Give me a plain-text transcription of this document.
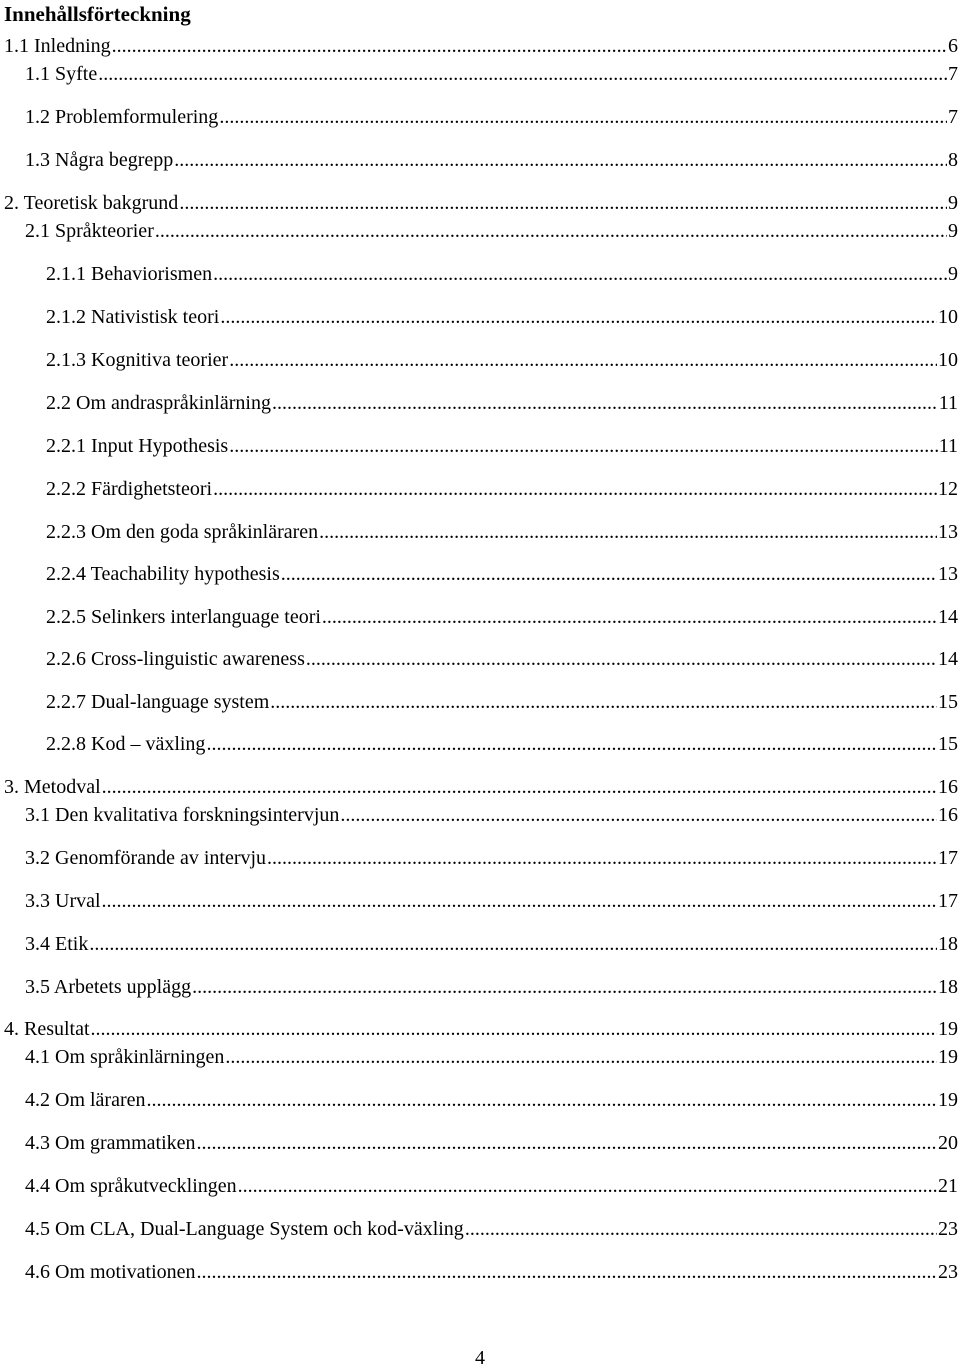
Innehållsförteckning
1.1 Inledning .....	6
1.1 Syfte .....	7
1.2 Problemformulering .....	7
1.3 Några begrepp .....	8
2. Teoretisk bakgrund .....	9
2.1 Språkteorier .....	9
2.1.1 Behaviorismen .....	9
2.1.2 Nativistisk teori .....	10
2.1.3 Kognitiva teorier .....	10
2.2 Om andraspråkinlärning .....	11
2.2.1 Input Hypothesis .....	11
2.2.2 Färdighetsteori .....	12
2.2.3 Om den goda språkinläraren .....	13
2.2.4 Teachability hypothesis .....	13
2.2.5 Selinkers interlanguage teori .....	14
2.2.6 Cross-linguistic awareness .....	14
2.2.7 Dual-language system .....	15
2.2.8 Kod – växling .....	15
3. Metodval .....	16
3.1 Den kvalitativa forskningsintervjun .....	16
3.2 Genomförande av intervju .....	17
3.3 Urval .....	17
3.4 Etik .....	18
3.5 Arbetets upplägg .....	18
4. Resultat .....	19
4.1 Om språkinlärningen .....	19
4.2 Om läraren .....	19
4.3 Om grammatiken .....	20
4.4 Om språkutvecklingen .....	21
4.5 Om CLA, Dual-Language System och kod-växling .....	23
4.6 Om motivationen .....	23
4
